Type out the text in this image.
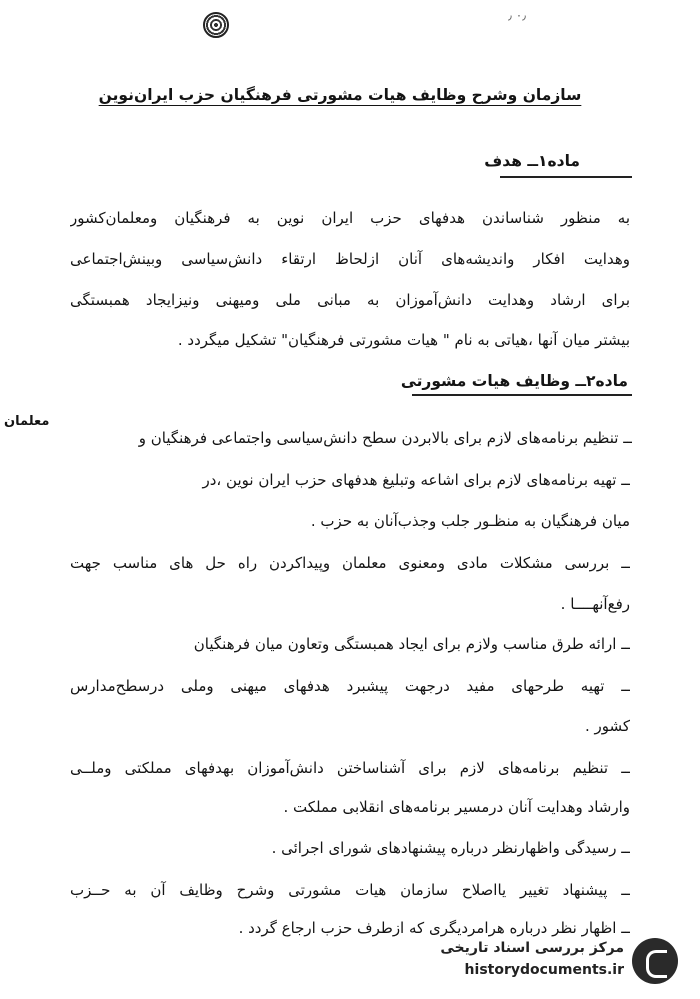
٫ ۰٫
سازمان وشرح وظایف هیات مشورتی فرهنگیان حزب ایران‌نوین
ماده۱ــ هدف
به منظور شناساندن هدفهای حزب ایران نوین به فرهنگیان ومعلمان‌کشور
وهدایت افکار واندیشه‌های آنان ازلحاظ ارتقاء دانش‌سیاسی وبینش‌اجتماعی
برای ارشاد وهدایت دانش‌آموزان به مبانی ملی ومیهنی ونیزایجاد همبستگی
بیشتر میان آنها ،هیاتی به نام " هیات مشورتی فرهنگیان" تشکیل میگردد .
ماده۲ــ وظایف هیات مشورتی
معلمان
ــ تنظیم برنامه‌های لازم برای بالابردن سطح دانش‌سیاسی واجتماعی فرهنگیان و
ــ تهیه برنامه‌های لازم برای اشاعه وتبلیغ هدفهای حزب ایران نوین ،در
میان فرهنگیان به منظـور جلب وجذب‌آنان به حزب .
ــ بررسی مشکلات مادی ومعنوی معلمان وپیداکردن راه حل های مناسب جهت
رفع‌آنهــــا .
ــ ارائه طرق مناسب ولازم برای ایجاد همبستگی وتعاون میان فرهنگیان
ــ تهیه طرحهای مفید درجهت پیشبرد هدفهای میهنی وملی درسطح‌مدارس
کشور .
ــ تنظیم برنامه‌های لازم برای آشناساختن دانش‌آموزان بهدفهای مملکتی وملــی
وارشاد وهدایت آنان درمسیر برنامه‌های انقلابی مملکت .
ــ رسیدگی واظهارنظر درباره پیشنهادهای شورای اجرائی .
ــ پیشنهاد تغییر یااصلاح سازمان هیات مشورتی وشرح وظایف آن به حــزب
ــ اظهار نظر درباره هرامردیگری که ازطرف حزب ارجاع گردد .
مرکز بررسی اسناد تاریخی
historydocuments.ir
